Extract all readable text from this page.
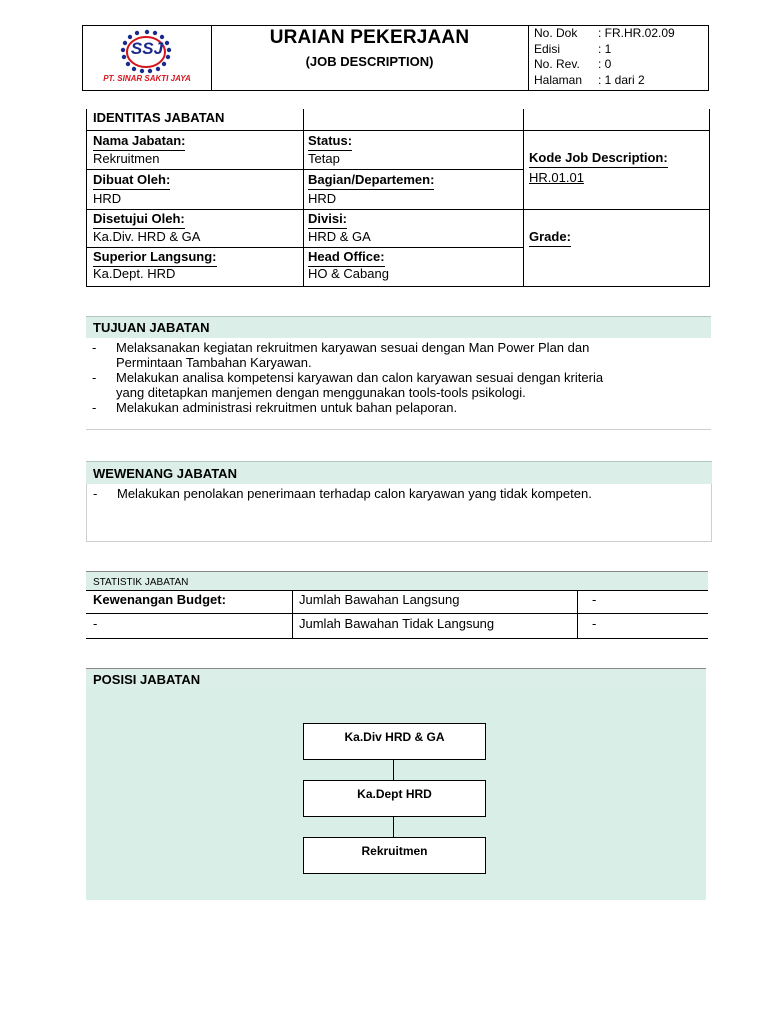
SSJ
PT. SINAR SAKTI JAYA
URAIAN PEKERJAAN
(JOB DESCRIPTION)
No. Dok : FR.HR.02.09
Edisi	: 1
No. Rev. : 0
Halaman : 1 dari 2
IDENTITAS JABATAN
Nama Jabatan:
Rekruitmen
Status:
Tetap
Dibuat Oleh:
HRD
Bagian/Departemen:
HRD
Disetujui Oleh:
Ka.Div. HRD & GA
Divisi:
HRD & GA
Superior Langsung:
Ka.Dept. HRD
Head Office:
HO & Cabang
Kode Job Description:
HR.01.01
Grade:
TUJUAN JABATAN
- Melaksanakan kegiatan rekruitmen karyawan sesuai dengan Man Power Plan dan
Permintaan Tambahan Karyawan.
- Melakukan analisa kompetensi karyawan dan calon karyawan sesuai dengan kriteria
yang ditetapkan manjemen dengan menggunakan tools-tools psikologi.
- Melakukan administrasi rekruitmen untuk bahan pelaporan.
WEWENANG JABATAN
- Melakukan penolakan penerimaan terhadap calon karyawan yang tidak kompeten.
STATISTIK JABATAN
Kewenangan Budget:
-
Jumlah Bawahan Langsung
Jumlah Bawahan Tidak Langsung
-
-
POSISI JABATAN
Ka.Div HRD & GA
Ka.Dept HRD
Rekruitmen
